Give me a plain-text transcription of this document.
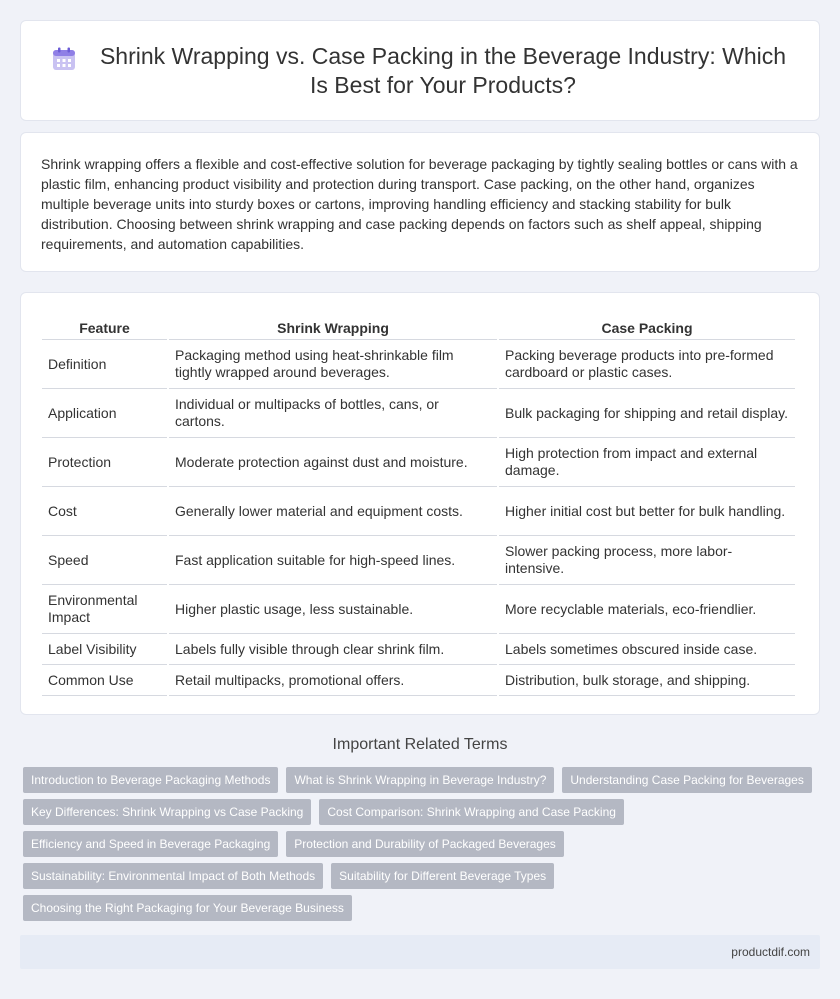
Shrink Wrapping vs. Case Packing in the Beverage Industry: Which Is Best for Your Products?

Shrink wrapping offers a flexible and cost-effective solution for beverage packaging by tightly sealing bottles or cans with a plastic film, enhancing product visibility and protection during transport. Case packing, on the other hand, organizes multiple beverage units into sturdy boxes or cartons, improving handling efficiency and stacking stability for bulk distribution. Choosing between shrink wrapping and case packing depends on factors such as shelf appeal, shipping requirements, and automation capabilities.

Feature	Shrink Wrapping	Case Packing
Definition	Packaging method using heat-shrinkable film tightly wrapped around beverages.	Packing beverage products into pre-formed cardboard or plastic cases.
Application	Individual or multipacks of bottles, cans, or cartons.	Bulk packaging for shipping and retail display.
Protection	Moderate protection against dust and moisture.	High protection from impact and external damage.
Cost	Generally lower material and equipment costs.	Higher initial cost but better for bulk handling.
Speed	Fast application suitable for high-speed lines.	Slower packing process, more labor-intensive.
Environmental Impact	Higher plastic usage, less sustainable.	More recyclable materials, eco-friendlier.
Label Visibility	Labels fully visible through clear shrink film.	Labels sometimes obscured inside case.
Common Use	Retail multipacks, promotional offers.	Distribution, bulk storage, and shipping.
Important Related Terms
Introduction to Beverage Packaging Methods	What is Shrink Wrapping in Beverage Industry?	Understanding Case Packing for Beverages
Key Differences: Shrink Wrapping vs Case Packing	Cost Comparison: Shrink Wrapping and Case Packing
Efficiency and Speed in Beverage Packaging	Protection and Durability of Packaged Beverages
Sustainability: Environmental Impact of Both Methods	Suitability for Different Beverage Types
Choosing the Right Packaging for Your Beverage Business
productdif.com
